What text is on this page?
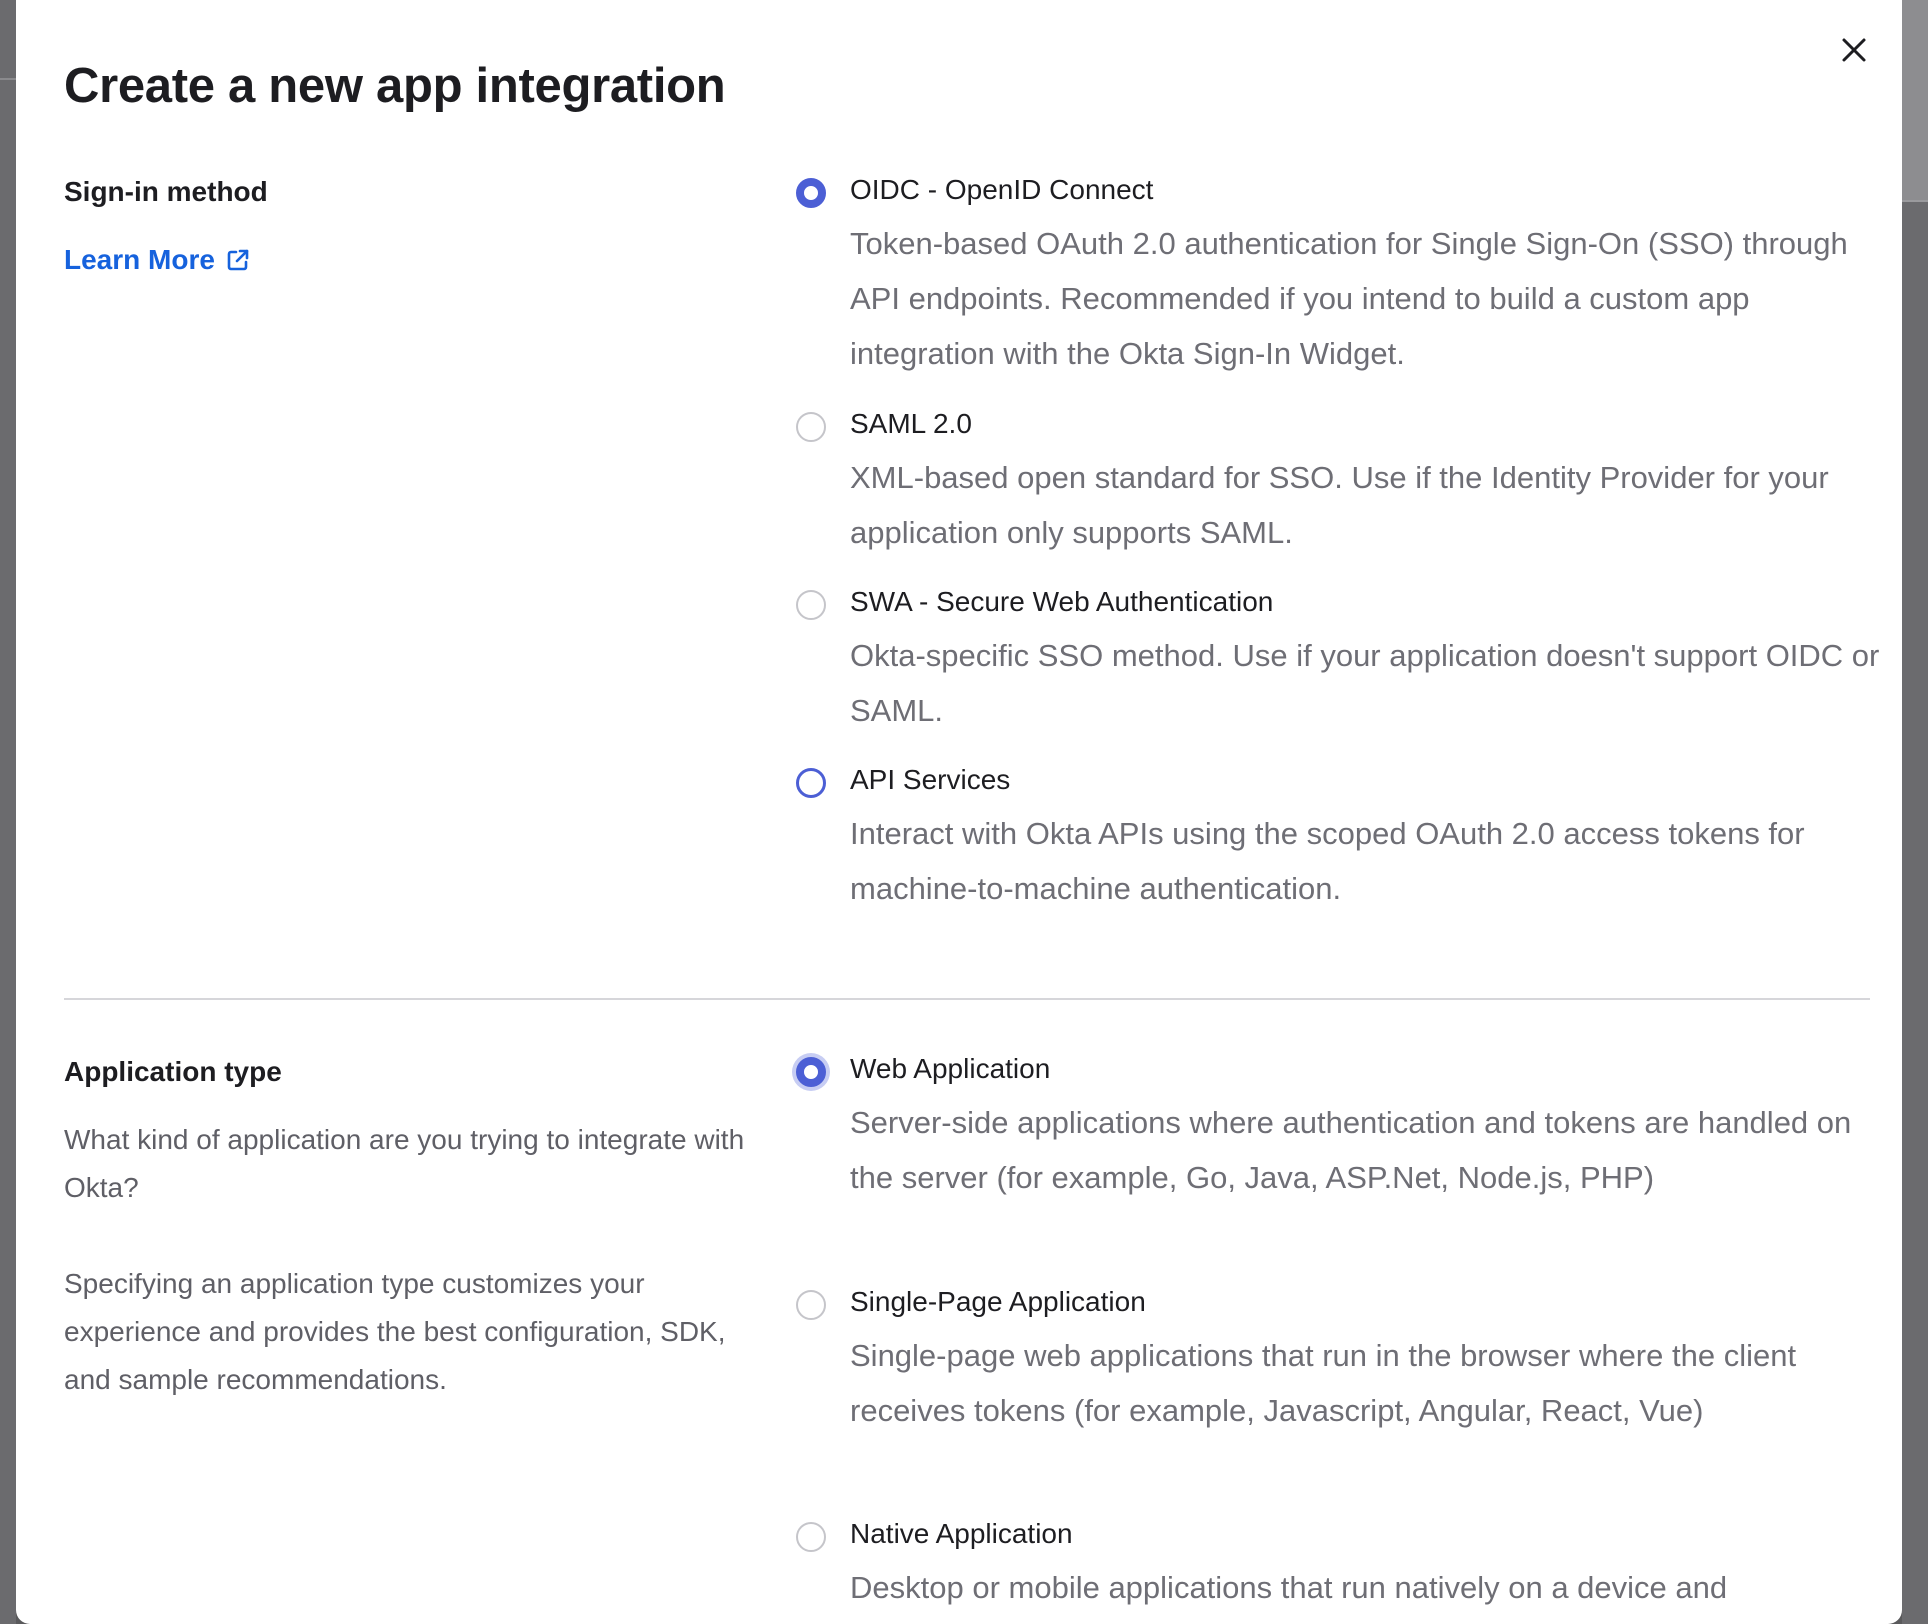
Create a new app integration
Sign-in method
Learn More
OIDC - OpenID Connect
Token-based OAuth 2.0 authentication for Single Sign-On (SSO) through API endpoints. Recommended if you intend to build a custom app integration with the Okta Sign-In Widget.
SAML 2.0
XML-based open standard for SSO. Use if the Identity Provider for your application only supports SAML.
SWA - Secure Web Authentication
Okta-specific SSO method. Use if your application doesn't support OIDC or SAML.
API Services
Interact with Okta APIs using the scoped OAuth 2.0 access tokens for machine-to-machine authentication.
Application type
What kind of application are you trying to integrate with Okta?
Specifying an application type customizes your experience and provides the best configuration, SDK, and sample recommendations.
Web Application
Server-side applications where authentication and tokens are handled on the server (for example, Go, Java, ASP.Net, Node.js, PHP)
Single-Page Application
Single-page web applications that run in the browser where the client receives tokens (for example, Javascript, Angular, React, Vue)
Native Application
Desktop or mobile applications that run natively on a device and
